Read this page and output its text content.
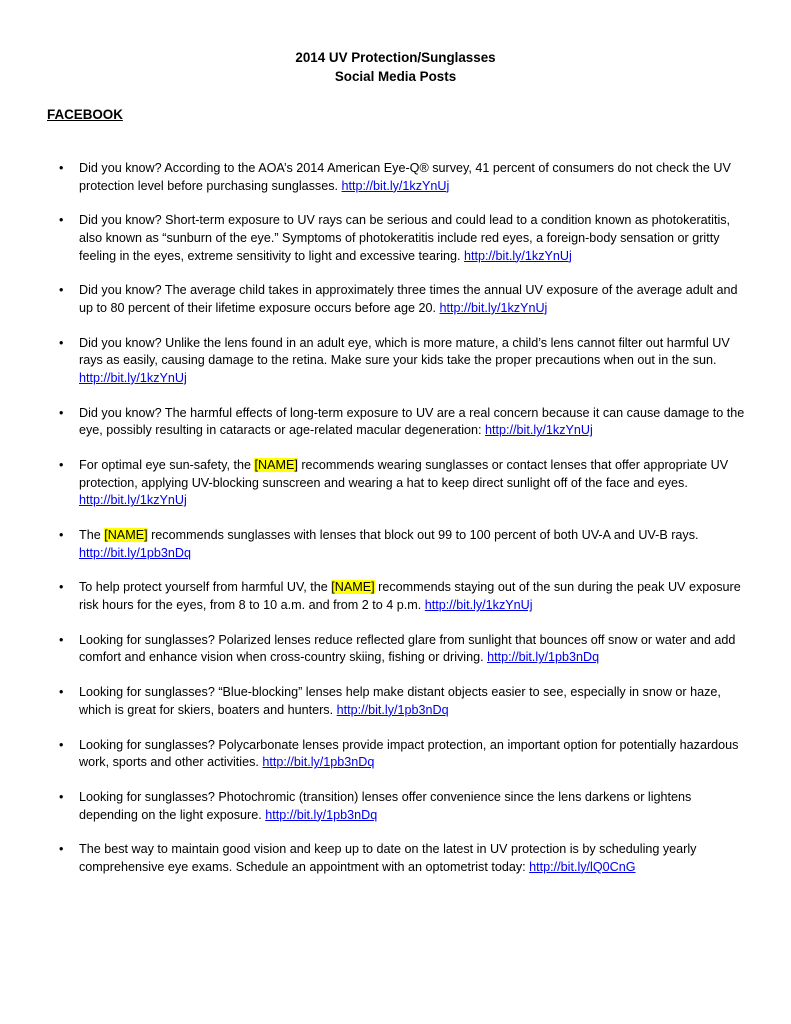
2014 UV Protection/Sunglasses
Social Media Posts
FACEBOOK
• Did you know? According to the AOA’s 2014 American Eye-Q® survey, 41 percent of consumers do not check the UV protection level before purchasing sunglasses. http://bit.ly/1kzYnUj
• Did you know? Short-term exposure to UV rays can be serious and could lead to a condition known as photokeratitis, also known as “sunburn of the eye.” Symptoms of photokeratitis include red eyes, a foreign-body sensation or gritty feeling in the eyes, extreme sensitivity to light and excessive tearing. http://bit.ly/1kzYnUj
• Did you know? The average child takes in approximately three times the annual UV exposure of the average adult and up to 80 percent of their lifetime exposure occurs before age 20. http://bit.ly/1kzYnUj
• Did you know? Unlike the lens found in an adult eye, which is more mature, a child’s lens cannot filter out harmful UV rays as easily, causing damage to the retina. Make sure your kids take the proper precautions when out in the sun. http://bit.ly/1kzYnUj
• Did you know? The harmful effects of long-term exposure to UV are a real concern because it can cause damage to the eye, possibly resulting in cataracts or age-related macular degeneration: http://bit.ly/1kzYnUj
• For optimal eye sun-safety, the [NAME] recommends wearing sunglasses or contact lenses that offer appropriate UV protection, applying UV-blocking sunscreen and wearing a hat to keep direct sunlight off of the face and eyes. http://bit.ly/1kzYnUj
• The [NAME] recommends sunglasses with lenses that block out 99 to 100 percent of both UV-A and UV-B rays. http://bit.ly/1pb3nDq
• To help protect yourself from harmful UV, the [NAME] recommends staying out of the sun during the peak UV exposure risk hours for the eyes, from 8 to 10 a.m. and from 2 to 4 p.m. http://bit.ly/1kzYnUj
• Looking for sunglasses? Polarized lenses reduce reflected glare from sunlight that bounces off snow or water and add comfort and enhance vision when cross-country skiing, fishing or driving. http://bit.ly/1pb3nDq
• Looking for sunglasses? “Blue-blocking” lenses help make distant objects easier to see, especially in snow or haze, which is great for skiers, boaters and hunters. http://bit.ly/1pb3nDq
• Looking for sunglasses? Polycarbonate lenses provide impact protection, an important option for potentially hazardous work, sports and other activities. http://bit.ly/1pb3nDq
• Looking for sunglasses? Photochromic (transition) lenses offer convenience since the lens darkens or lightens depending on the light exposure. http://bit.ly/1pb3nDq
• The best way to maintain good vision and keep up to date on the latest in UV protection is by scheduling yearly comprehensive eye exams. Schedule an appointment with an optometrist today: http://bit.ly/lQ0CnG
